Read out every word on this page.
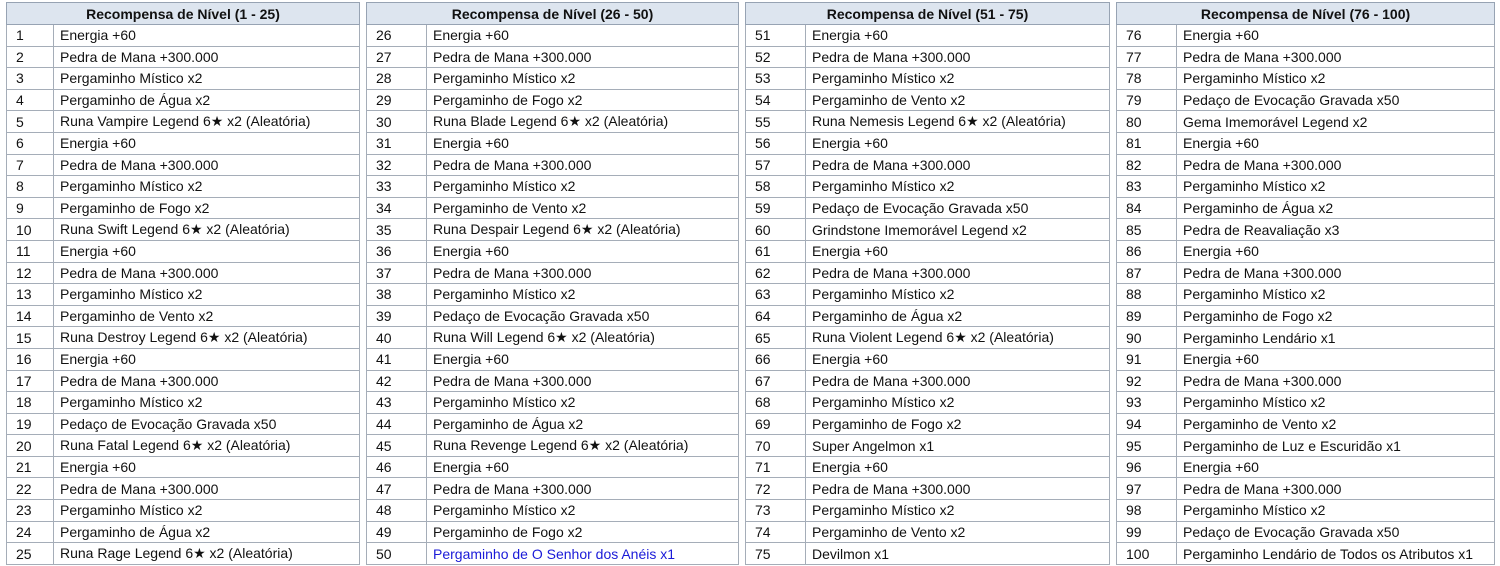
Recompensa de Nível (1 - 25)	
1	Energia +60
2	Pedra de Mana +300.000
3	Pergaminho Místico x2
4	Pergaminho de Água x2
5	Runa Vampire Legend 6★ x2 (Aleatória)
6	Energia +60
7	Pedra de Mana +300.000
8	Pergaminho Místico x2
9	Pergaminho de Fogo x2
10	Runa Swift Legend 6★ x2 (Aleatória)
11	Energia +60
12	Pedra de Mana +300.000
13	Pergaminho Místico x2
14	Pergaminho de Vento x2
15	Runa Destroy Legend 6★ x2 (Aleatória)
16	Energia +60
17	Pedra de Mana +300.000
18	Pergaminho Místico x2
19	Pedaço de Evocação Gravada x50
20	Runa Fatal Legend 6★ x2 (Aleatória)
21	Energia +60
22	Pedra de Mana +300.000
23	Pergaminho Místico x2
24	Pergaminho de Água x2
25	Runa Rage Legend 6★ x2 (Aleatória)
Recompensa de Nível (26 - 50)	
26	Energia +60
27	Pedra de Mana +300.000
28	Pergaminho Místico x2
29	Pergaminho de Fogo x2
30	Runa Blade Legend 6★ x2 (Aleatória)
31	Energia +60
32	Pedra de Mana +300.000
33	Pergaminho Místico x2
34	Pergaminho de Vento x2
35	Runa Despair Legend 6★ x2 (Aleatória)
36	Energia +60
37	Pedra de Mana +300.000
38	Pergaminho Místico x2
39	Pedaço de Evocação Gravada x50
40	Runa Will Legend 6★ x2 (Aleatória)
41	Energia +60
42	Pedra de Mana +300.000
43	Pergaminho Místico x2
44	Pergaminho de Água x2
45	Runa Revenge Legend 6★ x2 (Aleatória)
46	Energia +60
47	Pedra de Mana +300.000
48	Pergaminho Místico x2
49	Pergaminho de Fogo x2
50	Pergaminho de O Senhor dos Anéis x1
Recompensa de Nível (51 - 75)	
51	Energia +60
52	Pedra de Mana +300.000
53	Pergaminho Místico x2
54	Pergaminho de Vento x2
55	Runa Nemesis Legend 6★ x2 (Aleatória)
56	Energia +60
57	Pedra de Mana +300.000
58	Pergaminho Místico x2
59	Pedaço de Evocação Gravada x50
60	Grindstone Imemorável Legend x2
61	Energia +60
62	Pedra de Mana +300.000
63	Pergaminho Místico x2
64	Pergaminho de Água x2
65	Runa Violent Legend 6★ x2 (Aleatória)
66	Energia +60
67	Pedra de Mana +300.000
68	Pergaminho Místico x2
69	Pergaminho de Fogo x2
70	Super Angelmon x1
71	Energia +60
72	Pedra de Mana +300.000
73	Pergaminho Místico x2
74	Pergaminho de Vento x2
75	Devilmon x1
Recompensa de Nível (76 - 100)	
76	Energia +60
77	Pedra de Mana +300.000
78	Pergaminho Místico x2
79	Pedaço de Evocação Gravada x50
80	Gema Imemorável Legend x2
81	Energia +60
82	Pedra de Mana +300.000
83	Pergaminho Místico x2
84	Pergaminho de Água x2
85	Pedra de Reavaliação x3
86	Energia +60
87	Pedra de Mana +300.000
88	Pergaminho Místico x2
89	Pergaminho de Fogo x2
90	Pergaminho Lendário x1
91	Energia +60
92	Pedra de Mana +300.000
93	Pergaminho Místico x2
94	Pergaminho de Vento x2
95	Pergaminho de Luz e Escuridão x1
96	Energia +60
97	Pedra de Mana +300.000
98	Pergaminho Místico x2
99	Pedaço de Evocação Gravada x50
100	Pergaminho Lendário de Todos os Atributos x1
